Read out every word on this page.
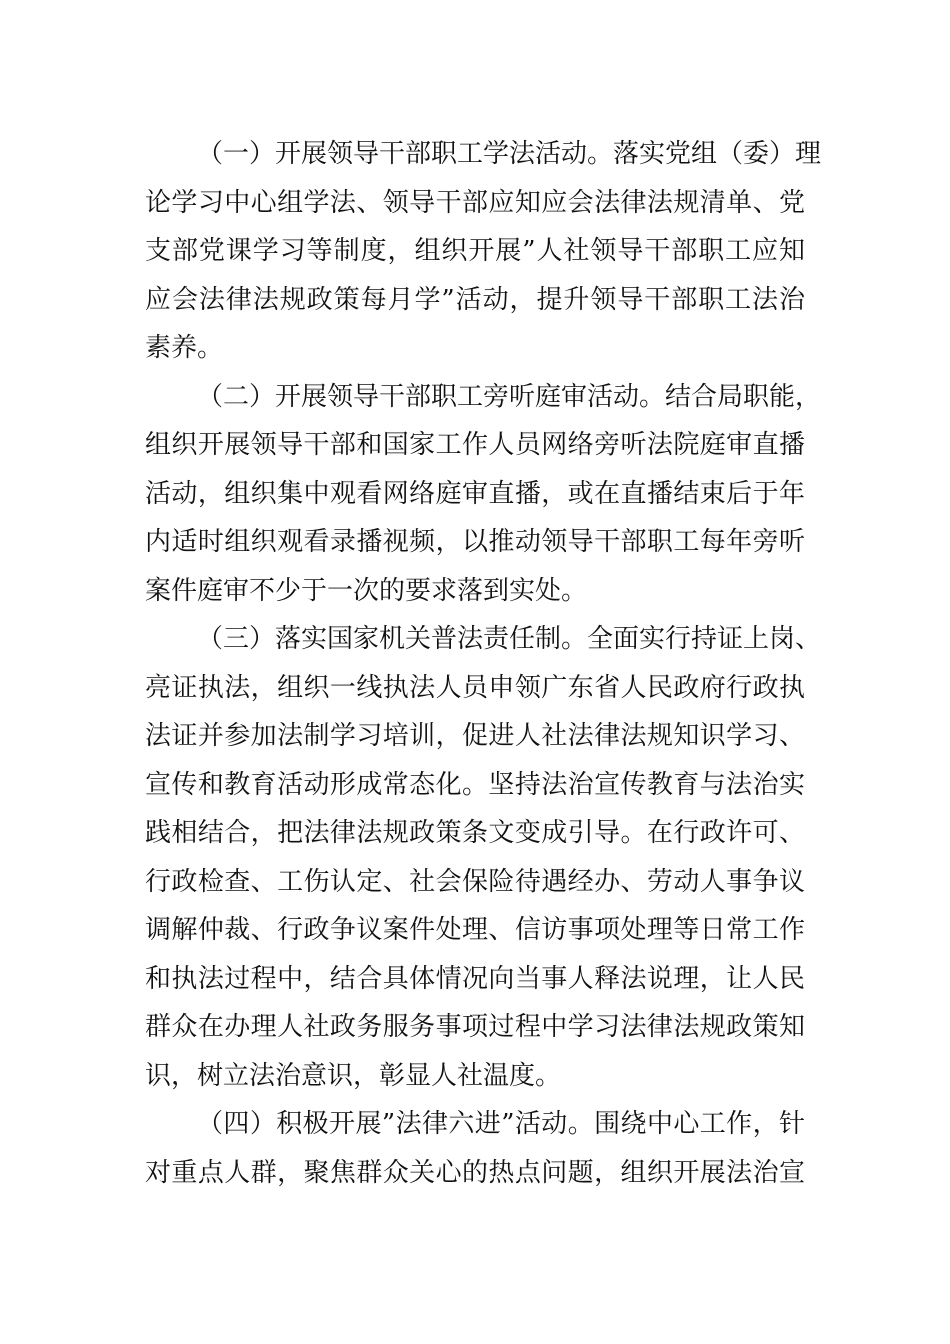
（一）开展领导干部职工学法活动。落实党组（委）理
论学习中心组学法、领导干部应知应会法律法规清单、党
支部党课学习等制度，组织开展”人社领导干部职工应知
应会法律法规政策每月学”活动，提升领导干部职工法治
素养。
（二）开展领导干部职工旁听庭审活动。结合局职能，
组织开展领导干部和国家工作人员网络旁听法院庭审直播
活动，组织集中观看网络庭审直播，或在直播结束后于年
内适时组织观看录播视频，以推动领导干部职工每年旁听
案件庭审不少于一次的要求落到实处。
（三）落实国家机关普法责任制。全面实行持证上岗、
亮证执法，组织一线执法人员申领广东省人民政府行政执
法证并参加法制学习培训，促进人社法律法规知识学习、
宣传和教育活动形成常态化。坚持法治宣传教育与法治实
践相结合，把法律法规政策条文变成引导。在行政许可、
行政检查、工伤认定、社会保险待遇经办、劳动人事争议
调解仲裁、行政争议案件处理、信访事项处理等日常工作
和执法过程中，结合具体情况向当事人释法说理，让人民
群众在办理人社政务服务事项过程中学习法律法规政策知
识，树立法治意识，彰显人社温度。
（四）积极开展”法律六进”活动。围绕中心工作，针
对重点人群，聚焦群众关心的热点问题，组织开展法治宣
